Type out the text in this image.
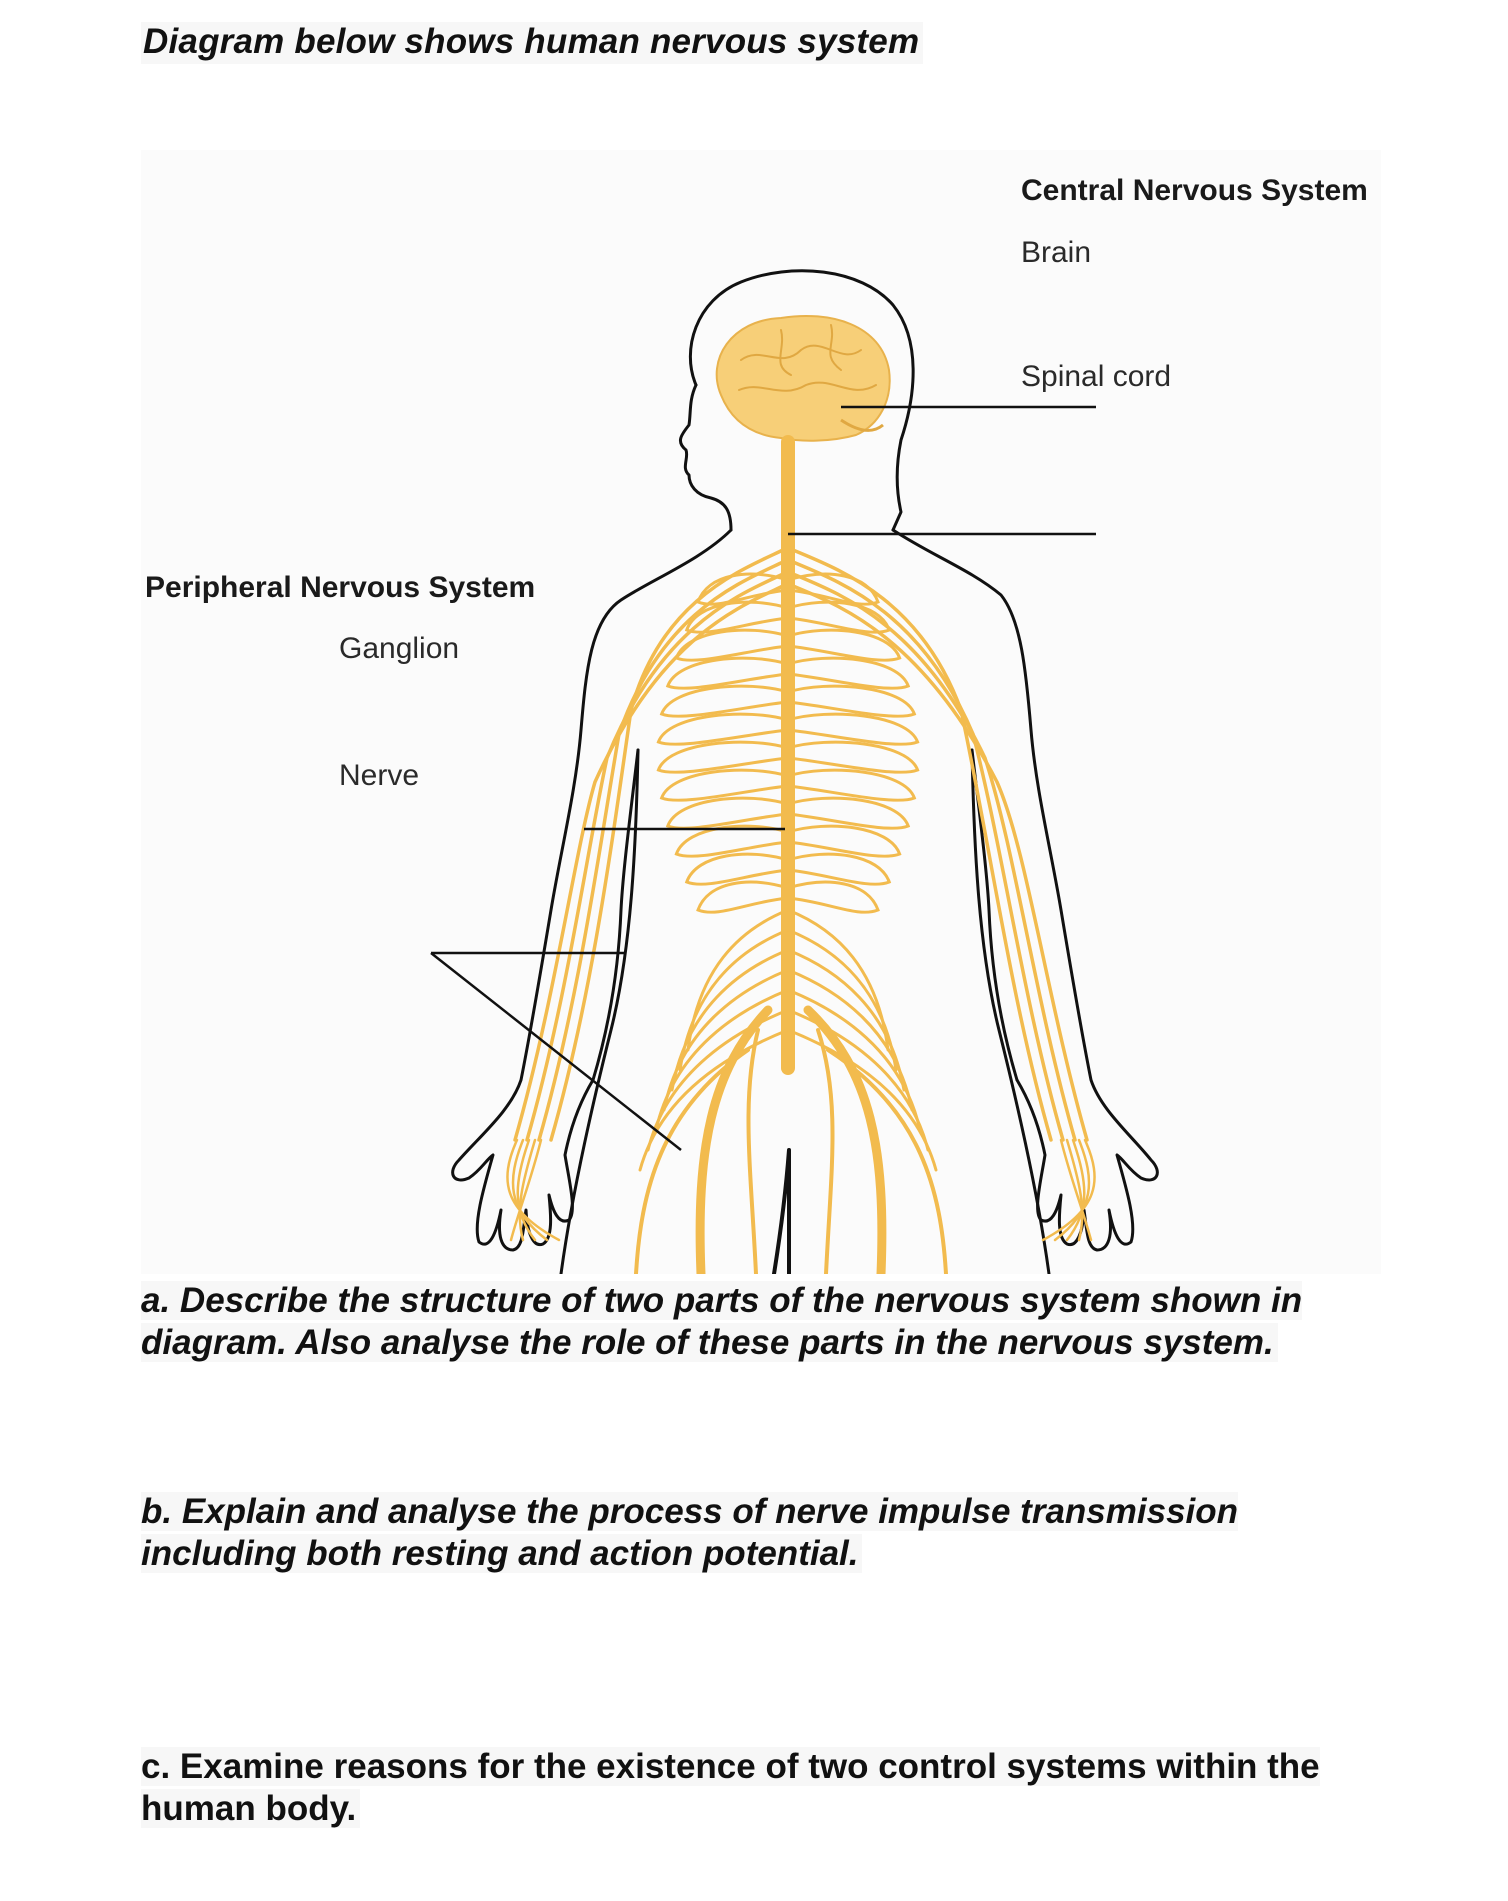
Diagram below shows human nervous system

Central Nervous System

Brain

Spinal cord

Peripheral Nervous System

Ganglion

Nerve

a. Describe the structure of two parts of the nervous system shown in diagram. Also analyse the role of these parts in the nervous system.

b. Explain and analyse the process of nerve impulse transmission including both resting and action potential.

c. Examine reasons for the existence of two control systems within the human body.
